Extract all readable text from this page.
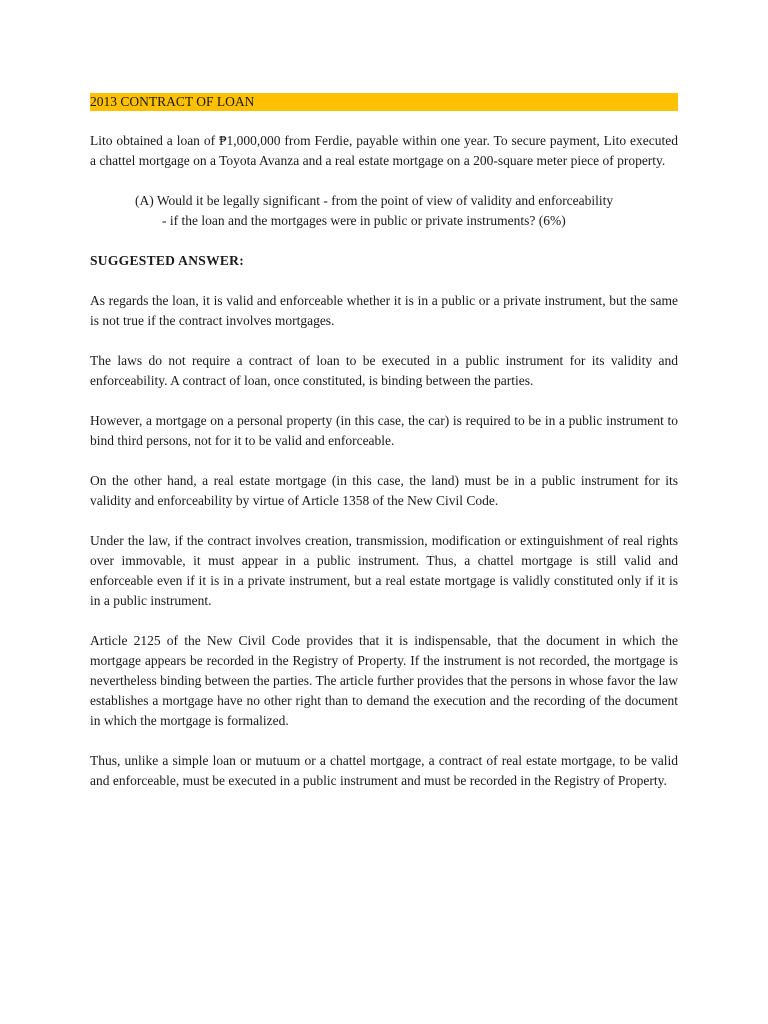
2013 CONTRACT OF LOAN

Lito obtained a loan of ₱1,000,000 from Ferdie, payable within one year. To secure payment, Lito executed a chattel mortgage on a Toyota Avanza and a real estate mortgage on a 200-square meter piece of property.

(A) Would it be legally significant - from the point of view of validity and enforceability
- if the loan and the mortgages were in public or private instruments? (6%)
SUGGESTED ANSWER:

As regards the loan, it is valid and enforceable whether it is in a public or a private instrument, but the same is not true if the contract involves mortgages.

The laws do not require a contract of loan to be executed in a public instrument for its validity and enforceability. A contract of loan, once constituted, is binding between the parties.

However, a mortgage on a personal property (in this case, the car) is required to be in a public instrument to bind third persons, not for it to be valid and enforceable.

On the other hand, a real estate mortgage (in this case, the land) must be in a public instrument for its validity and enforceability by virtue of Article 1358 of the New Civil Code.

Under the law, if the contract involves creation, transmission, modification or extinguishment of real rights over immovable, it must appear in a public instrument. Thus, a chattel mortgage is still valid and enforceable even if it is in a private instrument, but a real estate mortgage is validly constituted only if it is in a public instrument.

Article 2125 of the New Civil Code provides that it is indispensable, that the document in which the mortgage appears be recorded in the Registry of Property. If the instrument is not recorded, the mortgage is nevertheless binding between the parties. The article further provides that the persons in whose favor the law establishes a mortgage have no other right than to demand the execution and the recording of the document in which the mortgage is formalized.

Thus, unlike a simple loan or mutuum or a chattel mortgage, a contract of real estate mortgage, to be valid and enforceable, must be executed in a public instrument and must be recorded in the Registry of Property.
